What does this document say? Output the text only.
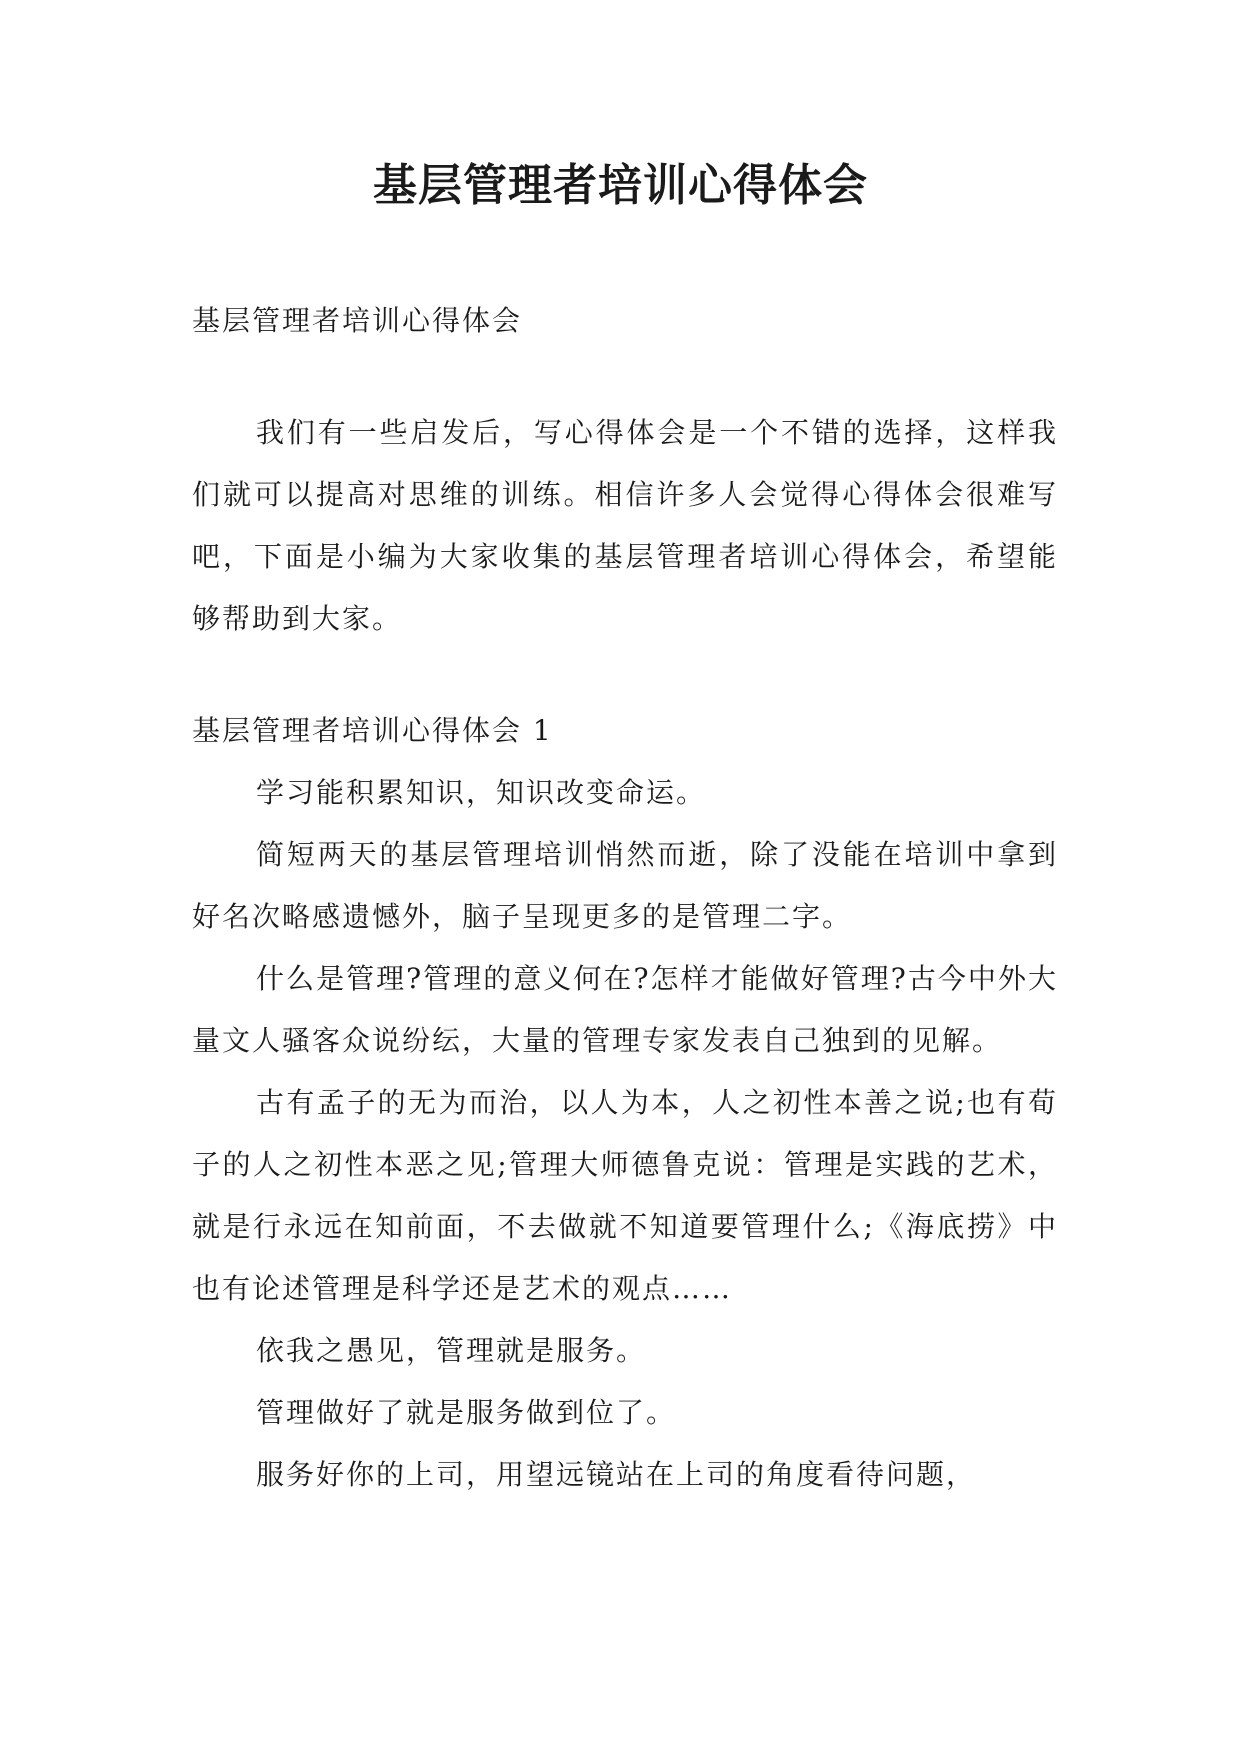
基层管理者培训心得体会

基层管理者培训心得体会

我们有一些启发后，写心得体会是一个不错的选择，这样我们就可以提高对思维的训练。相信许多人会觉得心得体会很难写吧，下面是小编为大家收集的基层管理者培训心得体会，希望能够帮助到大家。

基层管理者培训心得体会 1

学习能积累知识，知识改变命运。

简短两天的基层管理培训悄然而逝，除了没能在培训中拿到好名次略感遗憾外，脑子呈现更多的是管理二字。

什么是管理?管理的意义何在?怎样才能做好管理?古今中外大量文人骚客众说纷纭，大量的管理专家发表自己独到的见解。

古有孟子的无为而治，以人为本，人之初性本善之说;也有荀子的人之初性本恶之见;管理大师德鲁克说：管理是实践的艺术，就是行永远在知前面，不去做就不知道要管理什么;《海底捞》中也有论述管理是科学还是艺术的观点……

依我之愚见，管理就是服务。

管理做好了就是服务做到位了。

服务好你的上司，用望远镜站在上司的角度看待问题，
